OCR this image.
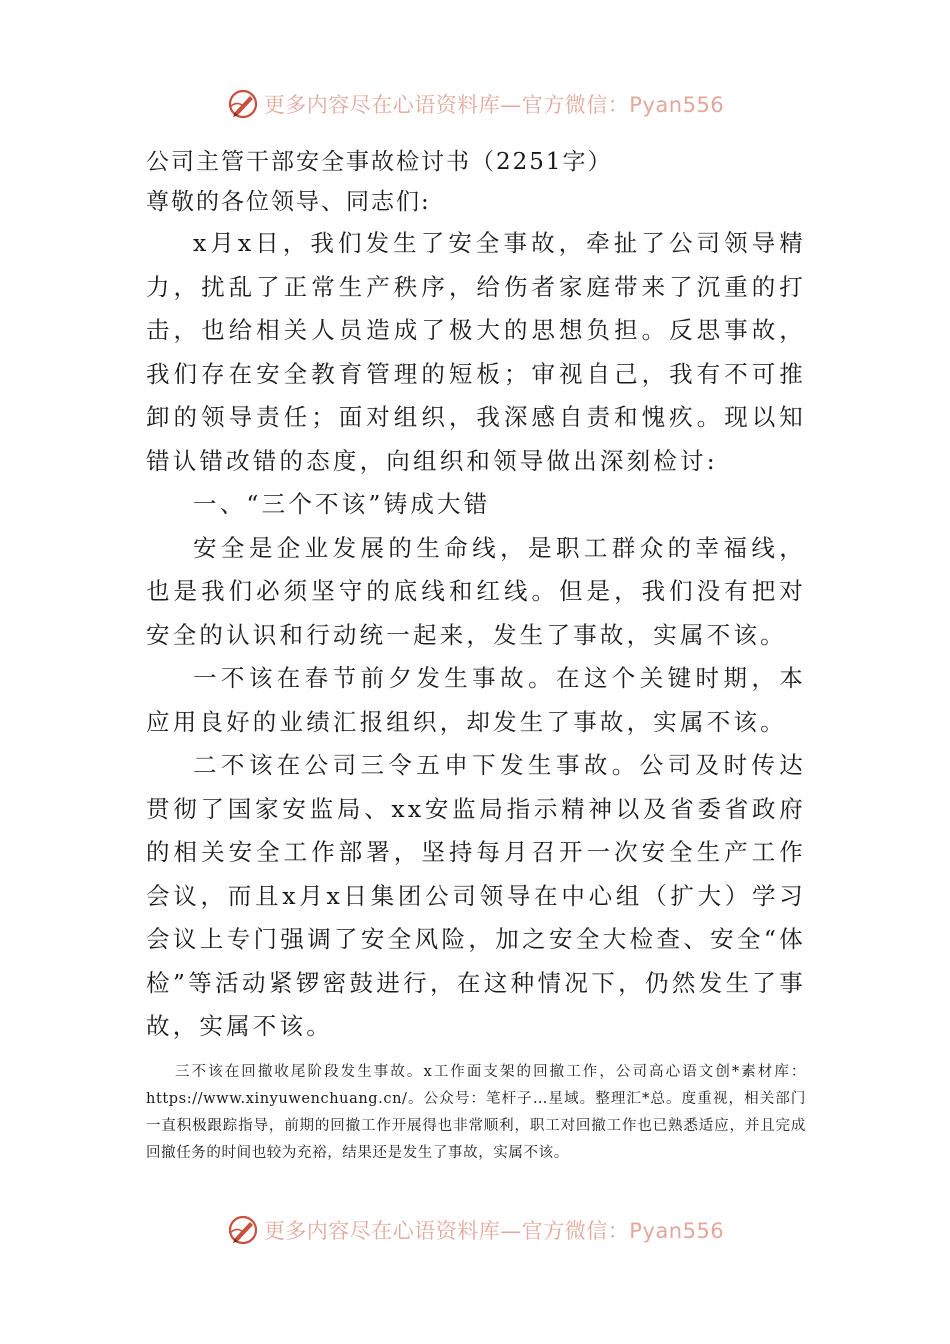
更多内容尽在心语资料库—官方微信：Pyan556
公司主管干部安全事故检讨书（2251字）
尊敬的各位领导、同志们:

x月x日，我们发生了安全事故，牵扯了公司领导精力，扰乱了正常生产秩序，给伤者家庭带来了沉重的打击，也给相关人员造成了极大的思想负担。反思事故，我们存在安全教育管理的短板；审视自己，我有不可推卸的领导责任；面对组织，我深感自责和愧疚。现以知错认错改错的态度，向组织和领导做出深刻检讨:

一、“三个不该”铸成大错

安全是企业发展的生命线，是职工群众的幸福线，也是我们必须坚守的底线和红线。但是，我们没有把对安全的认识和行动统一起来，发生了事故，实属不该。

一不该在春节前夕发生事故。在这个关键时期，本应用良好的业绩汇报组织，却发生了事故，实属不该。

二不该在公司三令五申下发生事故。公司及时传达贯彻了国家安监局、xx安监局指示精神以及省委省政府的相关安全工作部署，坚持每月召开一次安全生产工作会议，而且x月x日集团公司领导在中心组（扩大）学习会议上专门强调了安全风险，加之安全大检查、安全“体检”等活动紧锣密鼓进行，在这种情况下，仍然发生了事故，实属不该。

三不该在回撤收尾阶段发生事故。x工作面支架的回撤工作，公司高心语文创*素材库：https://www.xinyuwenchuang.cn/。公众号：笔杆子…星域。整理汇*总。度重视，相关部门一直积极跟踪指导，前期的回撤工作开展得也非常顺利，职工对回撤工作也已熟悉适应，并且完成回撤任务的时间也较为充裕，结果还是发生了事故，实属不该。

更多内容尽在心语资料库—官方微信：Pyan556
